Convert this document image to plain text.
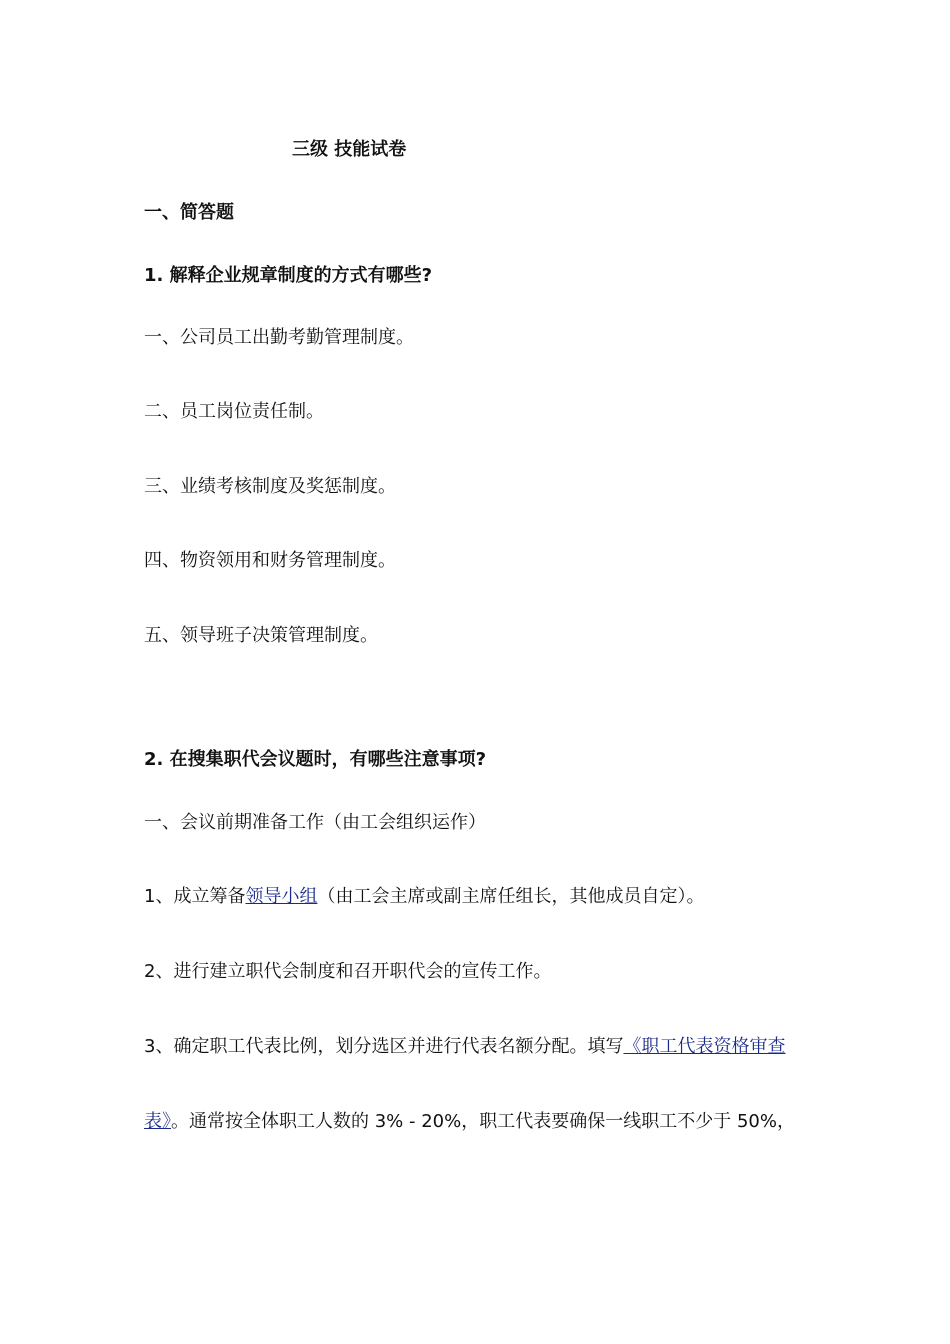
三级 技能试卷
一、简答题
1. 解释企业规章制度的方式有哪些?
一、公司员工出勤考勤管理制度。
二、员工岗位责任制。
三、业绩考核制度及奖惩制度。
四、物资领用和财务管理制度。
五、领导班子决策管理制度。
2. 在搜集职代会议题时，有哪些注意事项?
一、会议前期准备工作（由工会组织运作）
1、成立筹备领导小组（由工会主席或副主席任组长，其他成员自定）。
2、进行建立职代会制度和召开职代会的宣传工作。
3、确定职工代表比例，划分选区并进行代表名额分配。填写《职工代表资格审查
表》。通常按全体职工人数的 3% - 20%，职工代表要确保一线职工不少于 50%，
